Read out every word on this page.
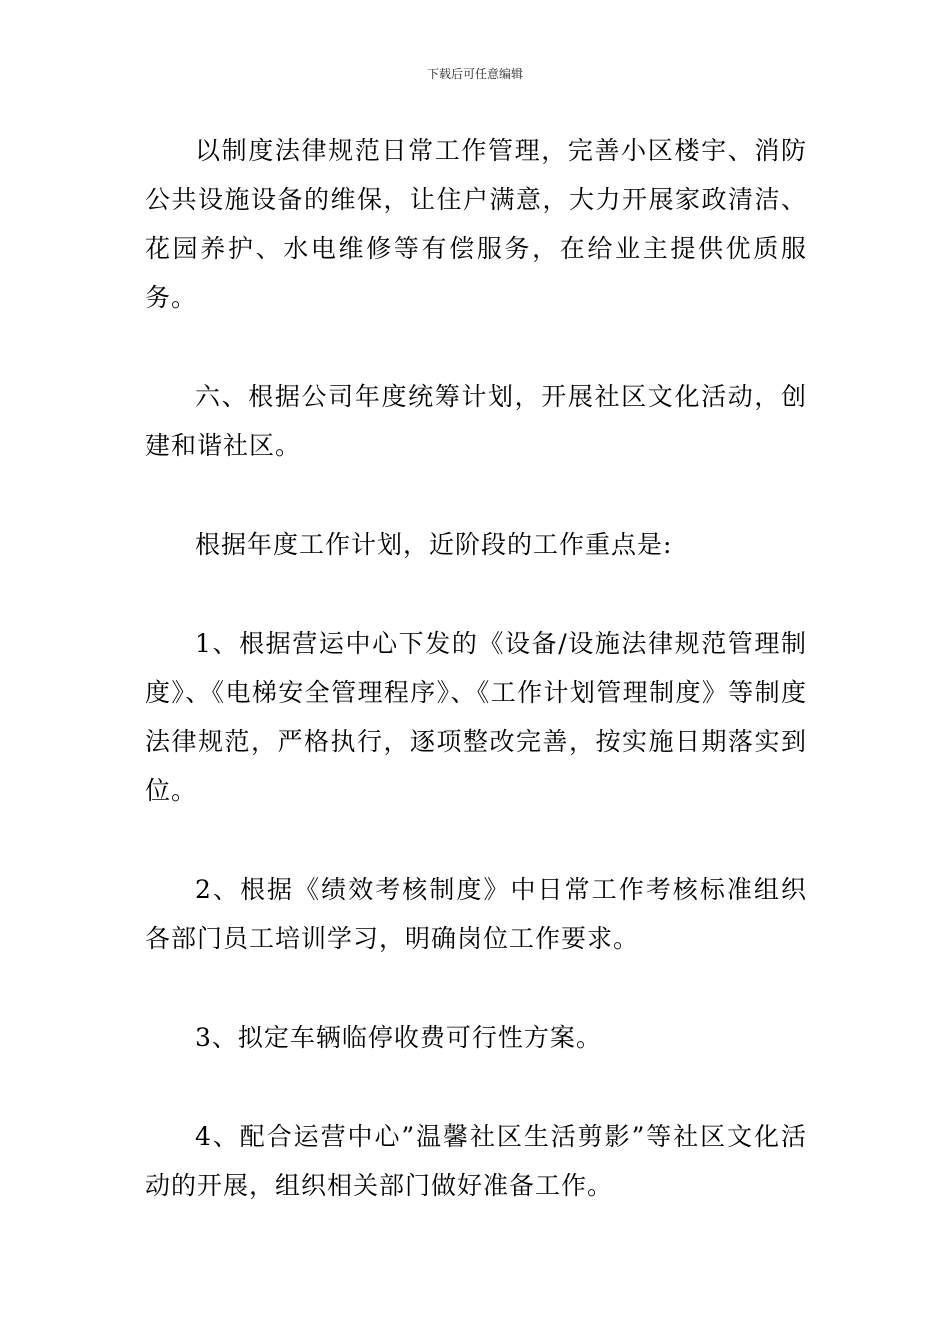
下载后可任意编辑

以制度法律规范日常工作管理，完善小区楼宇、消防公共设施设备的维保，让住户满意，大力开展家政清洁、花园养护、水电维修等有偿服务，在给业主提供优质服务。

六、根据公司年度统筹计划，开展社区文化活动，创建和谐社区。

根据年度工作计划，近阶段的工作重点是:

1、根据营运中心下发的《设备/设施法律规范管理制度》、《电梯安全管理程序》、《工作计划管理制度》等制度法律规范，严格执行，逐项整改完善，按实施日期落实到位。

2、根据《绩效考核制度》中日常工作考核标准组织各部门员工培训学习，明确岗位工作要求。

3、拟定车辆临停收费可行性方案。

4、配合运营中心”温馨社区生活剪影”等社区文化活动的开展，组织相关部门做好准备工作。
